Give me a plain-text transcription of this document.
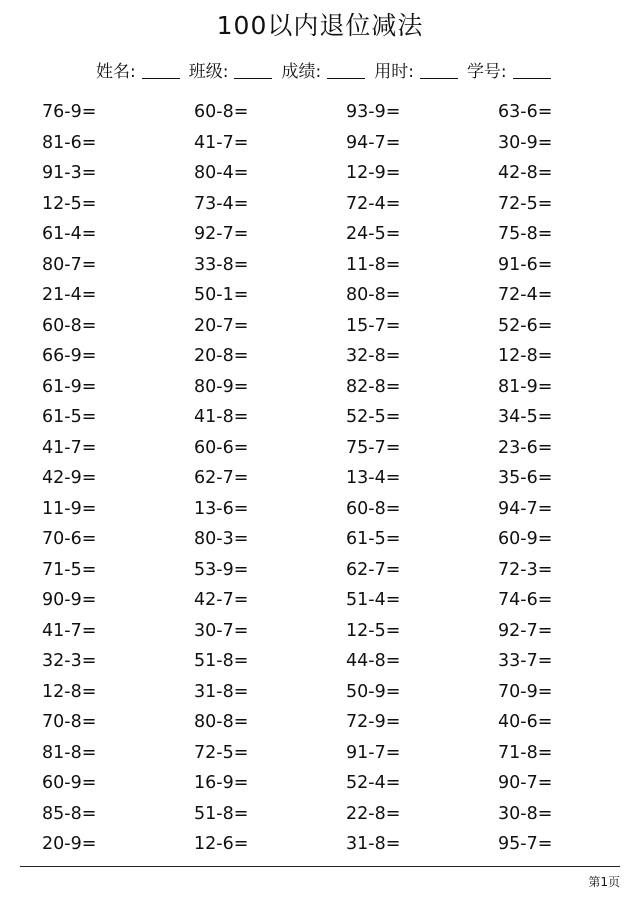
100以内退位减法
姓名:	班级:	成绩:	用时:	学号:
76-9=	60-8=	93-9=	63-6=
81-6=	41-7=	94-7=	30-9=
91-3=	80-4=	12-9=	42-8=
12-5=	73-4=	72-4=	72-5=
61-4=	92-7=	24-5=	75-8=
80-7=	33-8=	11-8=	91-6=
21-4=	50-1=	80-8=	72-4=
60-8=	20-7=	15-7=	52-6=
66-9=	20-8=	32-8=	12-8=
61-9=	80-9=	82-8=	81-9=
61-5=	41-8=	52-5=	34-5=
41-7=	60-6=	75-7=	23-6=
42-9=	62-7=	13-4=	35-6=
11-9=	13-6=	60-8=	94-7=
70-6=	80-3=	61-5=	60-9=
71-5=	53-9=	62-7=	72-3=
90-9=	42-7=	51-4=	74-6=
41-7=	30-7=	12-5=	92-7=
32-3=	51-8=	44-8=	33-7=
12-8=	31-8=	50-9=	70-9=
70-8=	80-8=	72-9=	40-6=
81-8=	72-5=	91-7=	71-8=
60-9=	16-9=	52-4=	90-7=
85-8=	51-8=	22-8=	30-8=
20-9=	12-6=	31-8=	95-7=
第1页
